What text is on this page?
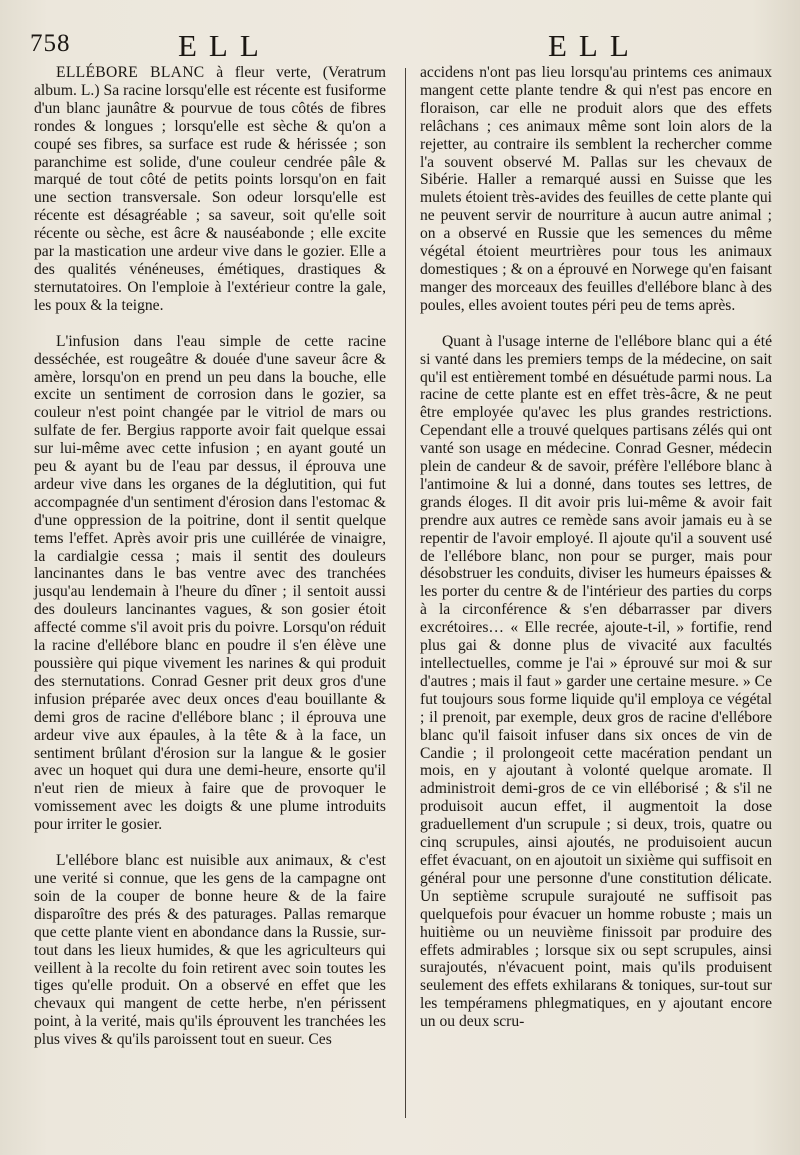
758	ELL	ELL

ELLÉBORE BLANC à fleur verte, (Veratrum album. L.) Sa racine lorsqu'elle est récente est fusiforme d'un blanc jaunâtre & pourvue de tous côtés de fibres rondes & longues ; lorsqu'elle est sèche & qu'on a coupé ses fibres, sa surface est rude & hérissée ; son paranchime est solide, d'une couleur cendrée pâle & marqué de tout côté de petits points lorsqu'on en fait une section transversale. Son odeur lorsqu'elle est récente est désagréable ; sa saveur, soit qu'elle soit récente ou sèche, est âcre & nauséabonde ; elle excite par la mastication une ardeur vive dans le gozier. Elle a des qualités vénéneuses, émétiques, drastiques & sternutatoires. On l'emploie à l'extérieur contre la gale, les poux & la teigne.

L'infusion dans l'eau simple de cette racine desséchée, est rougeâtre & douée d'une saveur âcre & amère, lorsqu'on en prend un peu dans la bouche, elle excite un sentiment de corrosion dans le gozier, sa couleur n'est point changée par le vitriol de mars ou sulfate de fer. Bergius rapporte avoir fait quelque essai sur lui-même avec cette infusion ; en ayant gouté un peu & ayant bu de l'eau par dessus, il éprouva une ardeur vive dans les organes de la déglutition, qui fut accompagnée d'un sentiment d'érosion dans l'estomac & d'une oppression de la poitrine, dont il sentit quelque tems l'effet. Après avoir pris une cuillérée de vinaigre, la cardialgie cessa ; mais il sentit des douleurs lancinantes dans le bas ventre avec des tranchées jusqu'au lendemain à l'heure du dîner ; il sentoit aussi des douleurs lancinantes vagues, & son gosier étoit affecté comme s'il avoit pris du poivre. Lorsqu'on réduit la racine d'ellébore blanc en poudre il s'en élève une poussière qui pique vivement les narines & qui produit des sternutations. Conrad Gesner prit deux gros d'une infusion préparée avec deux onces d'eau bouillante & demi gros de racine d'ellébore blanc ; il éprouva une ardeur vive aux épaules, à la tête & à la face, un sentiment brûlant d'érosion sur la langue & le gosier avec un hoquet qui dura une demi-heure, ensorte qu'il n'eut rien de mieux à faire que de provoquer le vomissement avec les doigts & une plume introduits pour irriter le gosier.

L'ellébore blanc est nuisible aux animaux, & c'est une verité si connue, que les gens de la campagne ont soin de la couper de bonne heure & de la faire disparoître des prés & des paturages. Pallas remarque que cette plante vient en abondance dans la Russie, sur-tout dans les lieux humides, & que les agriculteurs qui veillent à la recolte du foin retirent avec soin toutes les tiges qu'elle produit. On a observé en effet que les chevaux qui mangent de cette herbe, n'en périssent point, à la verité, mais qu'ils éprouvent les tranchées les plus vives & qu'ils paroissent tout en sueur. Ces

accidens n'ont pas lieu lorsqu'au printems ces animaux mangent cette plante tendre & qui n'est pas encore en floraison, car elle ne produit alors que des effets relâchans ; ces animaux même sont loin alors de la rejetter, au contraire ils semblent la rechercher comme l'a souvent observé M. Pallas sur les chevaux de Sibérie. Haller a remarqué aussi en Suisse que les mulets étoient très-avides des feuilles de cette plante qui ne peuvent servir de nourriture à aucun autre animal ; on a observé en Russie que les semences du même végétal étoient meurtrières pour tous les animaux domestiques ; & on a éprouvé en Norwege qu'en faisant manger des morceaux des feuilles d'ellébore blanc à des poules, elles avoient toutes péri peu de tems après.

Quant à l'usage interne de l'ellébore blanc qui a été si vanté dans les premiers temps de la médecine, on sait qu'il est entièrement tombé en désuétude parmi nous. La racine de cette plante est en effet très-âcre, & ne peut être employée qu'avec les plus grandes restrictions. Cependant elle a trouvé quelques partisans zélés qui ont vanté son usage en médecine. Conrad Gesner, médecin plein de candeur & de savoir, préfère l'ellébore blanc à l'antimoine & lui a donné, dans toutes ses lettres, de grands éloges. Il dit avoir pris lui-même & avoir fait prendre aux autres ce remède sans avoir jamais eu à se repentir de l'avoir employé. Il ajoute qu'il a souvent usé de l'ellébore blanc, non pour se purger, mais pour désobstruer les conduits, diviser les humeurs épaisses & les porter du centre & de l'intérieur des parties du corps à la circonférence & s'en débarrasser par divers excrétoires… « Elle recrée, ajoute-t-il, » fortifie, rend plus gai & donne plus de vivacité aux facultés intellectuelles, comme je l'ai » éprouvé sur moi & sur d'autres ; mais il faut » garder une certaine mesure. » Ce fut toujours sous forme liquide qu'il employa ce végétal ; il prenoit, par exemple, deux gros de racine d'ellébore blanc qu'il faisoit infuser dans six onces de vin de Candie ; il prolongeoit cette macération pendant un mois, en y ajoutant à volonté quelque aromate. Il administroit demi-gros de ce vin elléborisé ; & s'il ne produisoit aucun effet, il augmentoit la dose graduellement d'un scrupule ; si deux, trois, quatre ou cinq scrupules, ainsi ajoutés, ne produisoient aucun effet évacuant, on en ajoutoit un sixième qui suffisoit en général pour une personne d'une constitution délicate. Un septième scrupule surajouté ne suffisoit pas quelquefois pour évacuer un homme robuste ; mais un huitième ou un neuvième finissoit par produire des effets admirables ; lorsque six ou sept scrupules, ainsi surajoutés, n'évacuent point, mais qu'ils produisent seulement des effets exhilarans & toniques, sur-tout sur les tempéramens phlegmatiques, en y ajoutant encore un ou deux scru-
